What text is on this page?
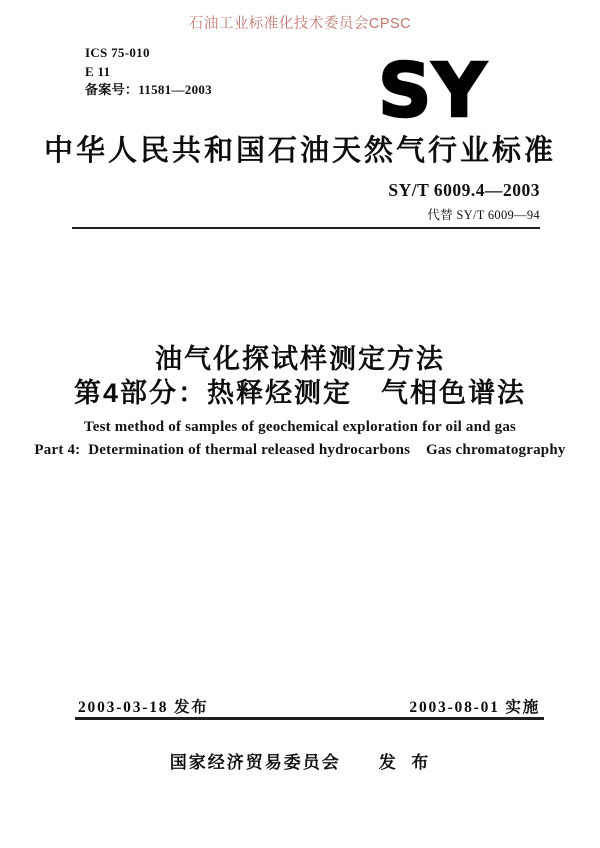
石油工业标准化技术委员会CPSC
ICS 75-010
E 11
备案号：11581—2003 SY
中华人民共和国石油天然气行业标准
SY/T 6009.4—2003
代替 SY/T 6009—94
油气化探试样测定方法
第4部分：热释烃测定　气相色谱法
Test method of samples of geochemical exploration for oil and gas
Part 4:  Determination of thermal released hydrocarbons    Gas chromatography
2003-03-18 发布	2003-08-01 实施
国家经济贸易委员会 发  布
